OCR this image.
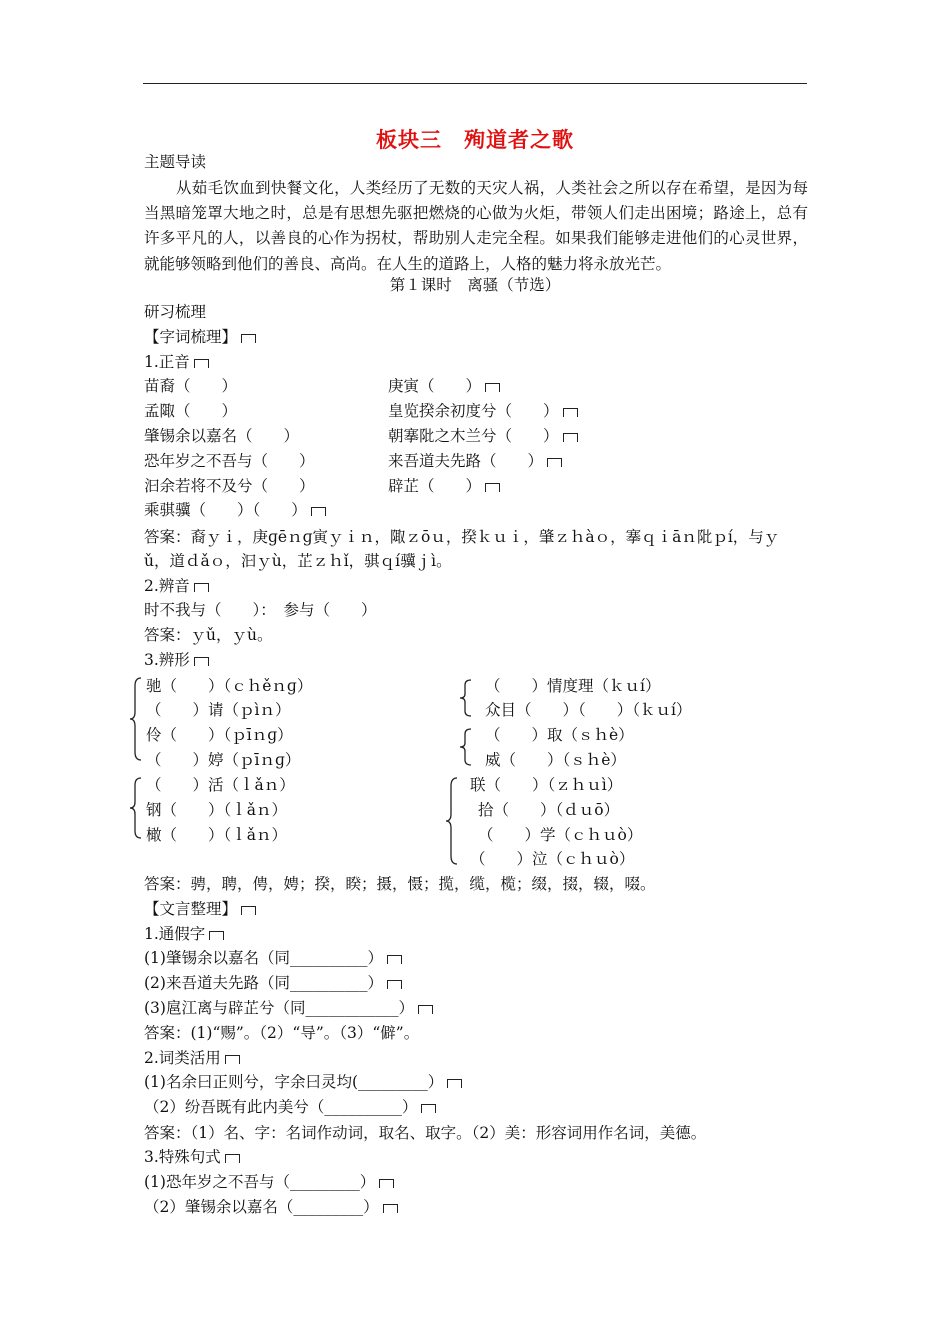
板块三　殉道者之歌
主题导读
从茹毛饮血到快餐文化，人类经历了无数的天灾人祸，人类社会之所以存在希望，是因为每当黑暗笼罩大地之时，总是有思想先驱把燃烧的心做为火炬，带领人们走出困境；路途上，总有许多平凡的人，以善良的心作为拐杖，帮助别人走完全程。如果我们能够走进他们的心灵世界，就能够领略到他们的善良、高尚。在人生的道路上，人格的魅力将永放光芒。
第１课时　离骚（节选）
研习梳理
【字词梳理】
1.正音
苗裔（　　）
孟陬（　　）
肇锡余以嘉名（　　）
恐年岁之不吾与（　　）
汩余若将不及兮（　　）
乘骐骥（　　）（　　）
庚寅（　　）
皇览揆余初度兮（　　）
朝搴阰之木兰兮（　　）
来吾道夫先路（　　）
辟芷（　　）
答案：裔ｙｉ，庚ɡēｎɡ寅ｙｉｎ，陬ｚōｕ，揆ｋｕｉ，肇ｚｈàｏ，搴ｑｉāｎ阰ｐí，与ｙ
ǔ，道ｄǎｏ，汩ｙù，芷ｚｈǐ，骐ｑí骥ｊì。
2.辨音
时不我与（　　）：　参与（　　）
答案：ｙǔ，ｙù。
3.辨形
驰（　　）（ｃｈěｎɡ）
（　　）请（ｐìｎ）
伶（　　）（ｐīｎɡ）
（　　）婷（ｐīｎɡ）
（　　）活（ｌǎｎ）
钢（　　）（ｌǎｎ）
橄（　　）（ｌǎｎ）
（　　）情度理（ｋｕí）
众目（　　）（　　）（ｋｕí）
（　　）取（ｓｈè）
威（　　）（ｓｈè）
联（　　）（ｚｈｕì）
拾（　　）（ｄｕō）
（　　）学（ｃｈｕò）
（　　）泣（ｃｈｕò）
答案：骋，聘，俜，娉；揆，睽；摄，慑；揽，缆，榄；缀，掇，辍，啜。
【文言整理】
1.通假字
(1)肇锡余以嘉名（同__________）
(2)来吾道夫先路（同__________）
(3)扈江离与辟芷兮（同____________）
答案：(1)“赐”。（2）“导”。（3）“僻”。
2.词类活用
(1)名余曰正则兮，字余曰灵均(_________）
（2）纷吾既有此内美兮（__________）
答案：（1）名、字：名词作动词，取名、取字。（2）美：形容词用作名词，美德。
3.特殊句式
(1)恐年岁之不吾与（_________）
（2）肇锡余以嘉名（_________）
